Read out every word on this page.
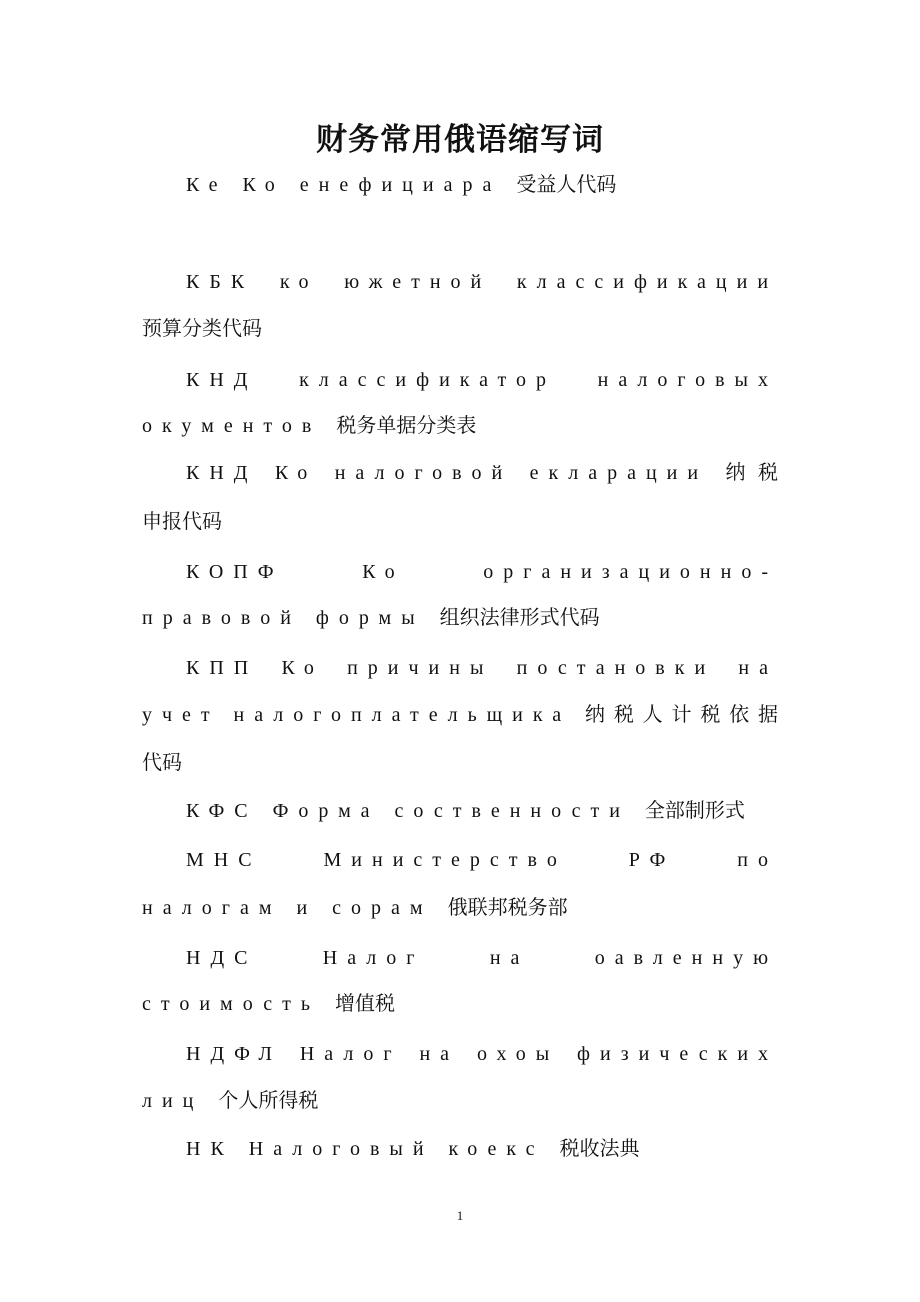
财务常用俄语缩写词
Ке Ко енефициара 受益人代码
КБК ко южетной классификации
预算分类代码
КНД классификатор налоговых
окументов 税务单据分类表
КНД Ко налоговой екларации 纳税
申报代码
КОПФ	Ко	организационно-
правовой формы 组织法律形式代码
КПП Ко причины постановки на
учет налогоплательщика 纳税人计税依据
代码
КФС Форма соственности 全部制形式
МНС	Министерство	РФ	по
налогам и сорам 俄联邦税务部
НДС	Налог	на	оавленную
стоимость 增值税
НДФЛ Налог на охоы физических
лиц 个人所得税
НК Налоговый коекс 税收法典
1
